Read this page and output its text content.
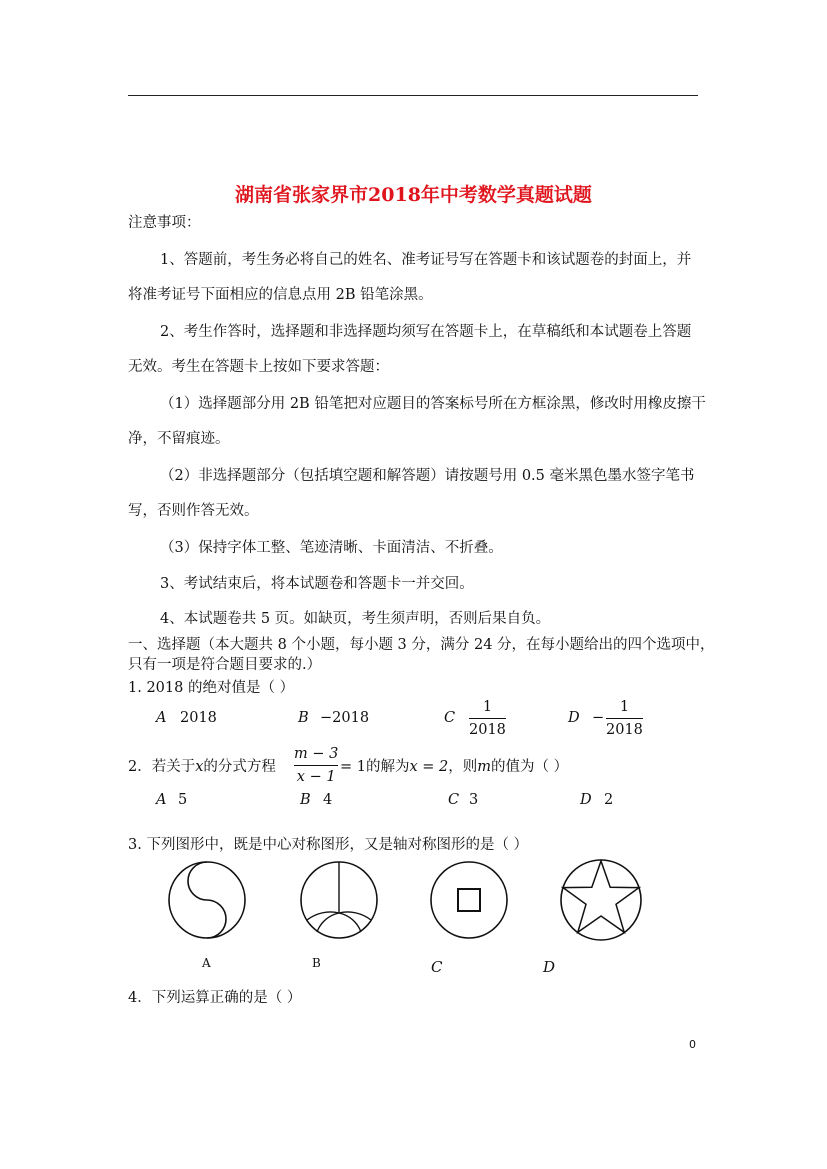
湖南省张家界市2018年中考数学真题试题
注意事项：
1、答题前，考生务必将自己的姓名、准考证号写在答题卡和该试题卷的封面上，并
将准考证号下面相应的信息点用 2B 铅笔涂黑。
2、考生作答时，选择题和非选择题均须写在答题卡上，在草稿纸和本试题卷上答题
无效。考生在答题卡上按如下要求答题：
（1）选择题部分用 2B 铅笔把对应题目的答案标号所在方框涂黑，修改时用橡皮擦干
净，不留痕迹。
（2）非选择题部分（包括填空题和解答题）请按题号用 0.5 毫米黑色墨水签字笔书
写，否则作答无效。
（3）保持字体工整、笔迹清晰、卡面清洁、不折叠。
3、考试结束后，将本试题卷和答题卡一并交回。
4、本试题卷共 5 页。如缺页，考生须声明，否则后果自负。
一、选择题（本大题共 8 个小题，每小题 3 分，满分 24 分，在每小题给出的四个选项中，
只有一项是符合题目要求的.）
1. 2018 的绝对值是（ ）
A 2018	B −2018	C
1
2018
D −
1
2018
2．若关于x的分式方程
m − 3
x − 1
= 1的解为x = 2，则m的值为（ ）
A 5	B 4	C 3	D 2
3. 下列图形中，既是中心对称图形，又是轴对称图形的是（ ）
A	B	C	D
4．下列运算正确的是（ ）
0
